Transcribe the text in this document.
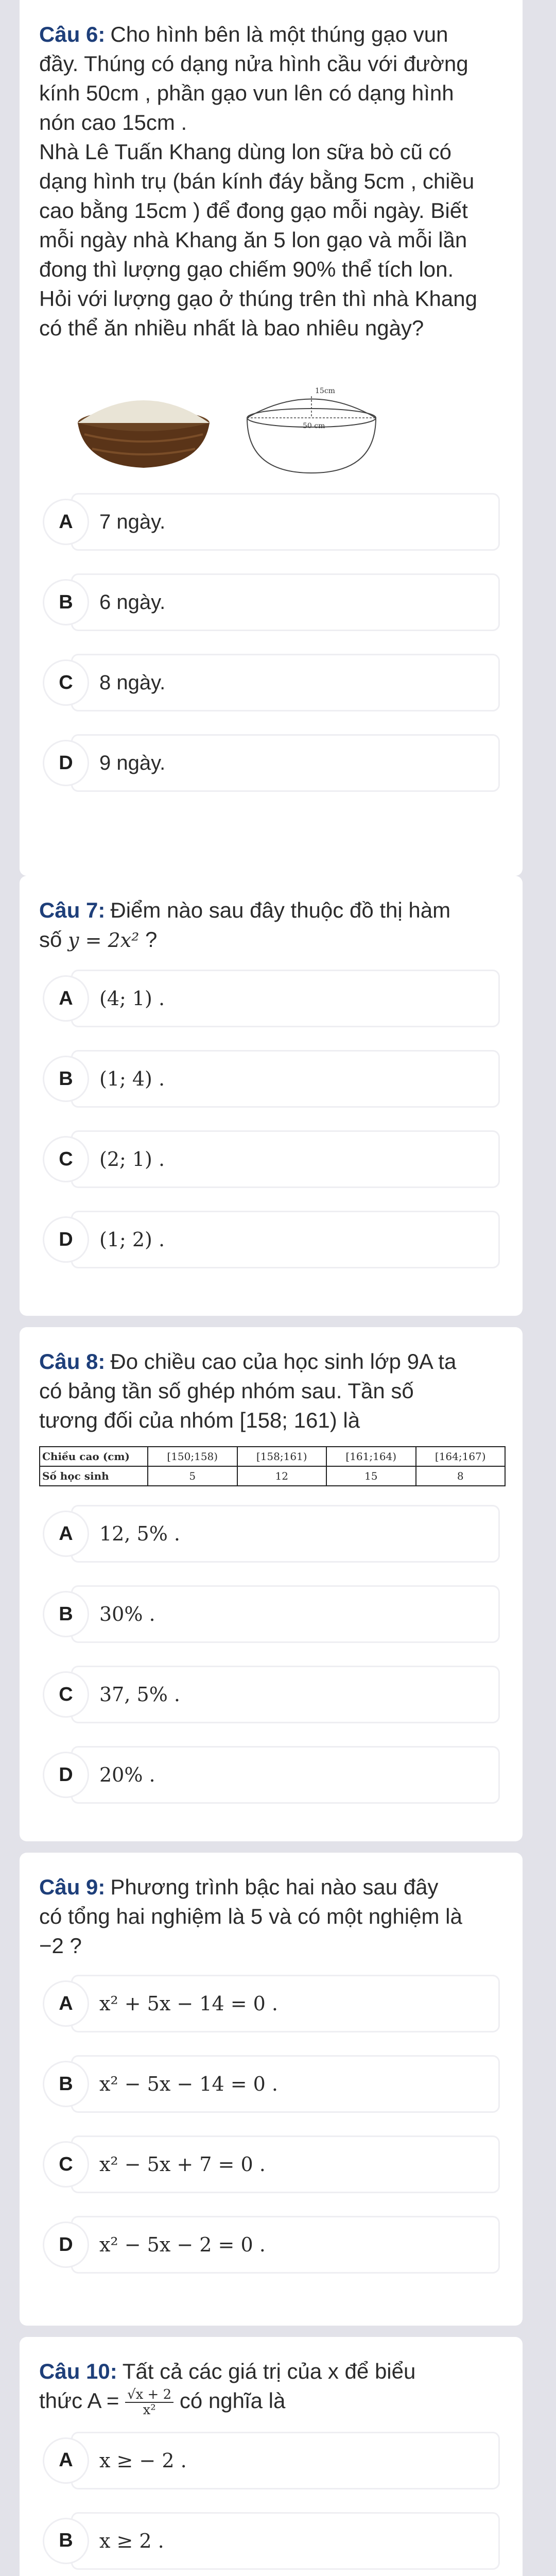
Câu 6: Cho hình bên là một thúng gạo vun
đầy. Thúng có dạng nửa hình cầu với đường
kính 50cm , phần gạo vun lên có dạng hình
nón cao 15cm .
Nhà Lê Tuấn Khang dùng lon sữa bò cũ có
dạng hình trụ (bán kính đáy bằng 5cm , chiều
cao bằng 15cm ) để đong gạo mỗi ngày. Biết
mỗi ngày nhà Khang ăn 5 lon gạo và mỗi lần
đong thì lượng gạo chiếm 90% thể tích lon.
Hỏi với lượng gạo ở thúng trên thì nhà Khang
có thể ăn nhiều nhất là bao nhiêu ngày?
15cm
50 cm
A	7 ngày.
B	6 ngày.
C	8 ngày.
D	9 ngày.
Câu 7: Điểm nào sau đây thuộc đồ thị hàm
số y = 2x² ?
A	(4; 1) .
B	(1; 4) .
C	(2; 1) .
D	(1; 2) .
Câu 8: Đo chiều cao của học sinh lớp 9A ta
có bảng tần số ghép nhóm sau. Tần số
tương đối của nhóm [158; 161) là
Chiều cao (cm)	[150;158)	[158;161)	[161;164)	[164;167)
Số học sinh	5	12	15	8
A	12, 5% .
B	30% .
C	37, 5% .
D	20% .
Câu 9: Phương trình bậc hai nào sau đây
có tổng hai nghiệm là 5 và có một nghiệm là
−2 ?
A	x² + 5x − 14 = 0 .
B	x² − 5x − 14 = 0 .
C	x² − 5x + 7 = 0 .
D	x² − 5x − 2 = 0 .
Câu 10: Tất cả các giá trị của x để biểu
thức $A = \frac{√x + 2}{\text{x²}}$ có nghĩa là
A	x ≥ − 2 .
B	x ≥ 2 .
